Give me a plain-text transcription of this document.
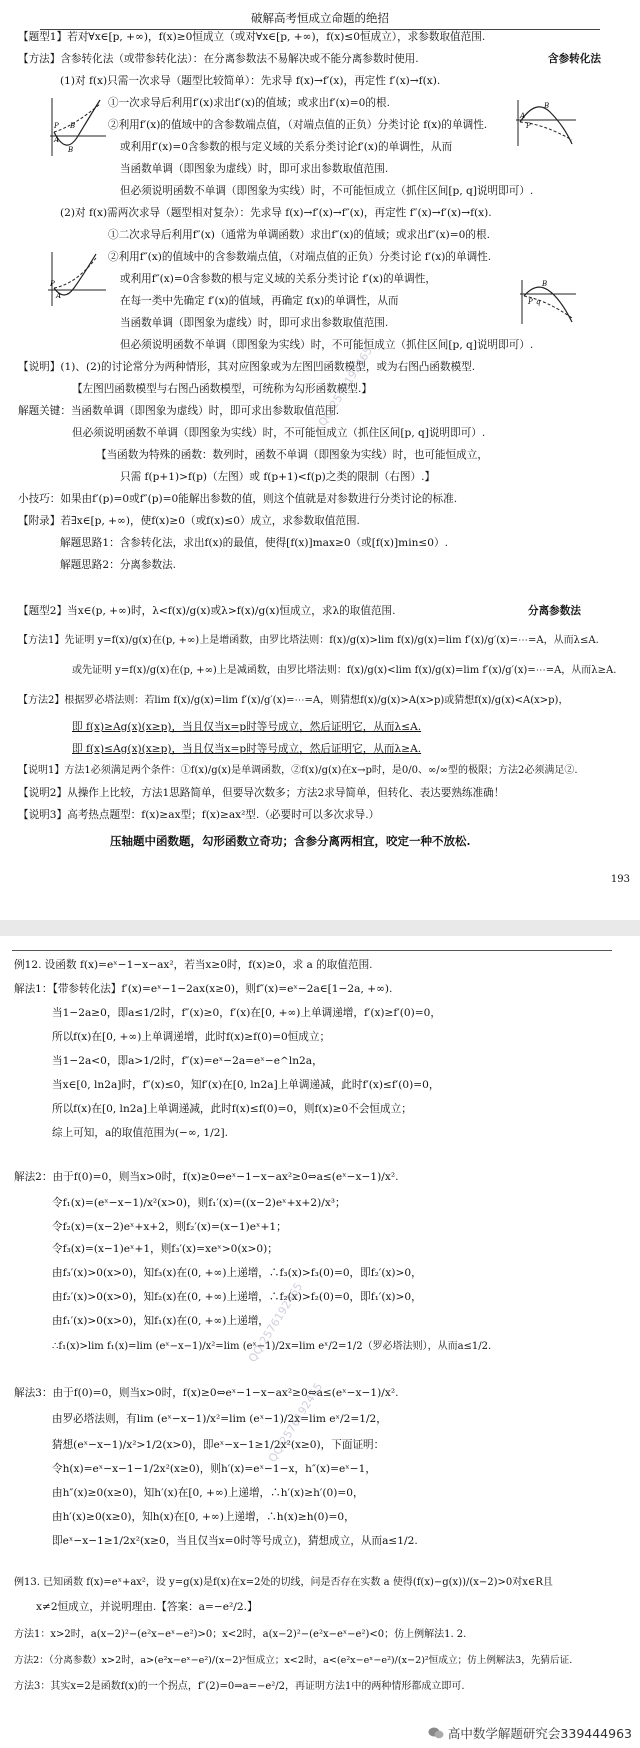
破解高考恒成立命题的绝招
【题型1】若对∀x∈[p, +∞)，f(x)≥0恒成立（或对∀x∈[p, +∞)，f(x)≤0恒成立），求参数取值范围.
【方法】含参转化法（或带参转化法）：在分离参数法不易解决或不能分离参数时使用.	含参转化法
(1)对 f(x)只需一次求导（题型比较简单）：先求导 f(x)→f′(x)，再定性 f′(x)→f(x).
①一次求导后利用f′(x)求出f′(x)的值域；或求出f′(x)=0的根.
②利用f′(x)的值域中的含参数端点值，（对端点值的正负）分类讨论 f(x)的单调性.
或利用f′(x)=0含参数的根与定义域的关系分类讨论f′(x)的单调性，从而
当函数单调（即图象为虚线）时，即可求出参数取值范围.
但必须说明函数不单调（即图象为实线）时，不可能恒成立（抓住区间[p, q]说明即可）.
(2)对 f(x)需两次求导（题型相对复杂）：先求导 f(x)→f′(x)→f″(x)，再定性 f″(x)→f′(x)→f(x).
①二次求导后利用f″(x)（通常为单调函数）求出f″(x)的值域；或求出f″(x)=0的根.
②利用f″(x)的值域中的含参数端点值，（对端点值的正负）分类讨论 f′(x)的单调性.
或利用f″(x)=0含参数的根与定义域的关系分类讨论 f′(x)的单调性，
在每一类中先确定 f′(x)的值域，再确定 f(x)的单调性，从而
当函数单调（即图象为虚线）时，即可求出参数取值范围.
但必须说明函数不单调（即图象为实线）时，不可能恒成立（抓住区间[p, q]说明即可）.
【说明】(1)、(2)的讨论常分为两种情形，其对应图象或为左图凹函数模型，或为右图凸函数模型.
【左图凹函数模型与右图凸函数模型，可统称为勾形函数模型.】
解题关键：当函数单调（即图象为虚线）时，即可求出参数取值范围.
但必须说明函数不单调（即图象为实线）时，不可能恒成立（抓住区间[p, q]说明即可）.
【当函数为特殊的函数：数列时，函数不单调（即图象为实线）时，也可能恒成立，
只需 f(p+1)>f(p)（左图）或 f(p+1)<f(p)之类的限制（右图）.】
小技巧：如果由f′(p)=0或f″(p)=0能解出参数的值，则这个值就是对参数进行分类讨论的标准.
【附录】若∃x∈[p, +∞)，使f(x)≥0（或f(x)≤0）成立，求参数取值范围.
解题思路1：含参转化法，求出f(x)的最值，使得[f(x)]max≥0（或[f(x)]min≤0）.
解题思路2：分离参数法.
【题型2】当x∈(p, +∞)时，λ<f(x)/g(x)或λ>f(x)/g(x)恒成立，求λ的取值范围.	分离参数法
【方法1】先证明 y=f(x)/g(x)在(p, +∞)上是增函数，由罗比塔法则：f(x)/g(x)>lim f(x)/g(x)=lim f′(x)/g′(x)=⋯=A，从而λ≤A.
或先证明 y=f(x)/g(x)在(p, +∞)上是减函数，由罗比塔法则：f(x)/g(x)<lim f(x)/g(x)=lim f′(x)/g′(x)=⋯=A，从而λ≥A.
【方法2】根据罗必塔法则：若lim f(x)/g(x)=lim f′(x)/g′(x)=⋯=A，则猜想f(x)/g(x)>A(x>p)或猜想f(x)/g(x)<A(x>p)，
即 f(x)≥Ag(x)(x≥p)，当且仅当x=p时等号成立，然后证明它，从而λ≤A.
即 f(x)≤Ag(x)(x≥p)，当且仅当x=p时等号成立，然后证明它，从而λ≥A.
【说明1】方法1必须满足两个条件：①f(x)/g(x)是单调函数，②f(x)/g(x)在x→p时，是0/0、∞/∞型的极限；方法2必须满足②.
【说明2】从操作上比较，方法1思路简单，但要导次数多；方法2求导简单，但转化、表达要熟练准确！
【说明3】高考热点题型：f(x)≥ax型；f(x)≥ax²型.（必要时可以多次求导.）
压轴题中函数题，勾形函数立奇功；含参分离两相宜，咬定一种不放松.
193
B
P
A
B
A
P
B
P
A
P q
B
QQ:2576192465
例12. 设函数 f(x)=eˣ−1−x−ax²，若当x≥0时，f(x)≥0，求 a 的取值范围.
解法1：【带参转化法】f′(x)=eˣ−1−2ax(x≥0)，则f″(x)=eˣ−2a∈[1−2a, +∞).
当1−2a≥0，即a≤1/2时，f″(x)≥0，f′(x)在[0, +∞)上单调递增，f′(x)≥f′(0)=0，
所以f(x)在[0, +∞)上单调递增，此时f(x)≥f(0)=0恒成立；
当1−2a<0，即a>1/2时，f″(x)=eˣ−2a=eˣ−e^ln2a，
当x∈[0, ln2a]时，f″(x)≤0，知f′(x)在[0, ln2a]上单调递减，此时f′(x)≤f′(0)=0，
所以f(x)在[0, ln2a]上单调递减，此时f(x)≤f(0)=0，则f(x)≥0不会恒成立；
综上可知，a的取值范围为(−∞, 1/2].
解法2：由于f(0)=0，则当x>0时，f(x)≥0⇔eˣ−1−x−ax²≥0⇔a≤(eˣ−x−1)/x².
令f₁(x)=(eˣ−x−1)/x²(x>0)，则f₁′(x)=((x−2)eˣ+x+2)/x³；
令f₂(x)=(x−2)eˣ+x+2，则f₂′(x)=(x−1)eˣ+1；
令f₃(x)=(x−1)eˣ+1，则f₃′(x)=xeˣ>0(x>0)；
由f₃′(x)>0(x>0)，知f₃(x)在(0, +∞)上递增，∴f₃(x)>f₃(0)=0，即f₂′(x)>0，
由f₂′(x)>0(x>0)，知f₂(x)在(0, +∞)上递增，∴f₂(x)>f₂(0)=0，即f₁′(x)>0，
由f₁′(x)>0(x>0)，知f₁(x)在(0, +∞)上递增，
∴f₁(x)>lim f₁(x)=lim (eˣ−x−1)/x²=lim (eˣ−1)/2x=lim eˣ/2=1/2（罗必塔法则），从而a≤1/2.
解法3：由于f(0)=0，则当x>0时，f(x)≥0⇔eˣ−1−x−ax²≥0⇔a≤(eˣ−x−1)/x².
由罗必塔法则，有lim (eˣ−x−1)/x²=lim (eˣ−1)/2x=lim eˣ/2=1/2，
猜想(eˣ−x−1)/x²>1/2(x>0)，即eˣ−x−1≥1/2x²(x≥0)，下面证明：
令h(x)=eˣ−x−1−1/2x²(x≥0)，则h′(x)=eˣ−1−x，h″(x)=eˣ−1，
由h″(x)≥0(x≥0)，知h′(x)在[0, +∞)上递增，∴h′(x)≥h′(0)=0，
由h′(x)≥0(x≥0)，知h(x)在[0, +∞)上递增，∴h(x)≥h(0)=0，
即eˣ−x−1≥1/2x²(x≥0，当且仅当x=0时等号成立)，猜想成立，从而a≤1/2.
例13. 已知函数 f(x)=eˣ+ax²，设 y=g(x)是f(x)在x=2处的切线，问是否存在实数 a 使得(f(x)−g(x))/(x−2)>0对x∈R且
x≠2恒成立，并说明理由.【答案：a=−e²/2.】
方法1：x>2时，a(x−2)²−(e²x−eˣ−e²)>0；x<2时，a(x−2)²−(e²x−eˣ−e²)<0；仿上例解法1. 2.
方法2：（分离参数）x>2时，a>(e²x−eˣ−e²)/(x−2)²恒成立；x<2时，a<(e²x−eˣ−e²)/(x−2)²恒成立；仿上例解法3，先猜后证.
方法3：其实x=2是函数f(x)的一个拐点，f″(2)=0⇒a=−e²/2，再证明方法1中的两种情形都成立即可.
QQ:2576192465
QQ:2576192465
高中数学解题研究会339444963
